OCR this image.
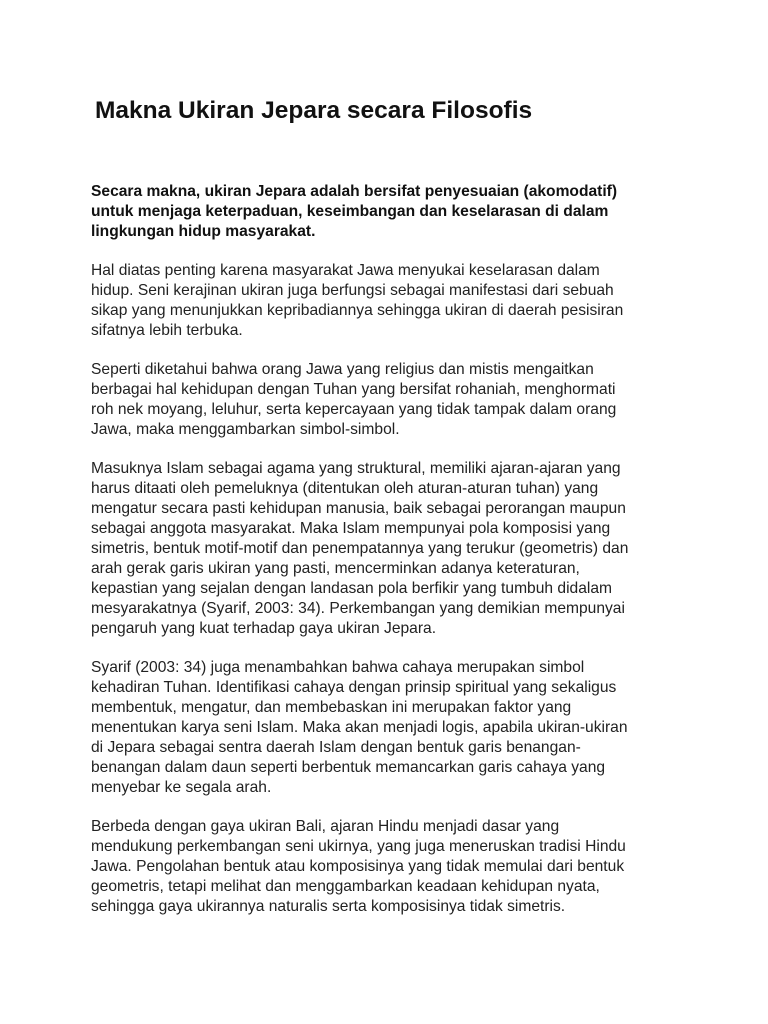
Makna Ukiran Jepara secara Filosofis

Secara makna, ukiran Jepara adalah bersifat penyesuaian (akomodatif)
untuk menjaga keterpaduan, keseimbangan dan keselarasan di dalam
lingkungan hidup masyarakat.

Hal diatas penting karena masyarakat Jawa menyukai keselarasan dalam
hidup. Seni kerajinan ukiran juga berfungsi sebagai manifestasi dari sebuah
sikap yang menunjukkan kepribadiannya sehingga ukiran di daerah pesisiran
sifatnya lebih terbuka.

Seperti diketahui bahwa orang Jawa yang religius dan mistis mengaitkan
berbagai hal kehidupan dengan Tuhan yang bersifat rohaniah, menghormati
roh nek moyang, leluhur, serta kepercayaan yang tidak tampak dalam orang
Jawa, maka menggambarkan simbol-simbol.

Masuknya Islam sebagai agama yang struktural, memiliki ajaran-ajaran yang
harus ditaati oleh pemeluknya (ditentukan oleh aturan-aturan tuhan) yang
mengatur secara pasti kehidupan manusia, baik sebagai perorangan maupun
sebagai anggota masyarakat. Maka Islam mempunyai pola komposisi yang
simetris, bentuk motif-motif dan penempatannya yang terukur (geometris) dan
arah gerak garis ukiran yang pasti, mencerminkan adanya keteraturan,
kepastian yang sejalan dengan landasan pola berfikir yang tumbuh didalam
mesyarakatnya (Syarif, 2003: 34). Perkembangan yang demikian mempunyai
pengaruh yang kuat terhadap gaya ukiran Jepara.

Syarif (2003: 34) juga menambahkan bahwa cahaya merupakan simbol
kehadiran Tuhan. Identifikasi cahaya dengan prinsip spiritual yang sekaligus
membentuk, mengatur, dan membebaskan ini merupakan faktor yang
menentukan karya seni Islam. Maka akan menjadi logis, apabila ukiran-ukiran
di Jepara sebagai sentra daerah Islam dengan bentuk garis benangan-
benangan dalam daun seperti berbentuk memancarkan garis cahaya yang
menyebar ke segala arah.

Berbeda dengan gaya ukiran Bali, ajaran Hindu menjadi dasar yang
mendukung perkembangan seni ukirnya, yang juga meneruskan tradisi Hindu
Jawa. Pengolahan bentuk atau komposisinya yang tidak memulai dari bentuk
geometris, tetapi melihat dan menggambarkan keadaan kehidupan nyata,
sehingga gaya ukirannya naturalis serta komposisinya tidak simetris.
